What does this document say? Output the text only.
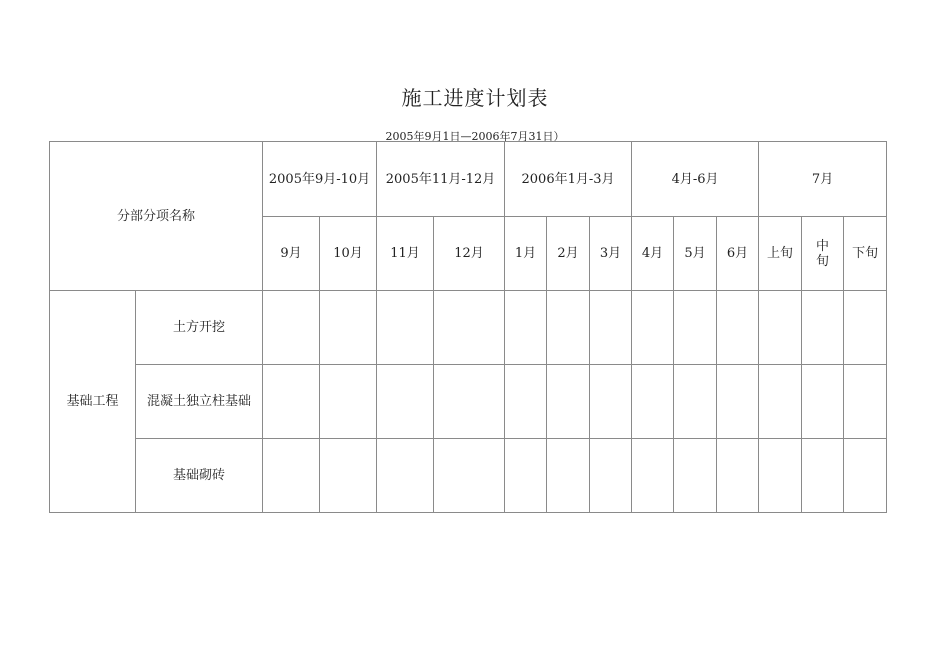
施工进度计划表
2005年9月1日—2006年7月31日）
分部分项名称		2005年9月-10月		2005年11月-12月		2006年1月-3月			4月-6月			7月		
		9月	10月	11月	12月	1月	2月	3月	4月	5月	6月	上旬	中旬	下旬
基础工程	土方开挖													
	混凝土独立柱基础													
	基础砌砖													
